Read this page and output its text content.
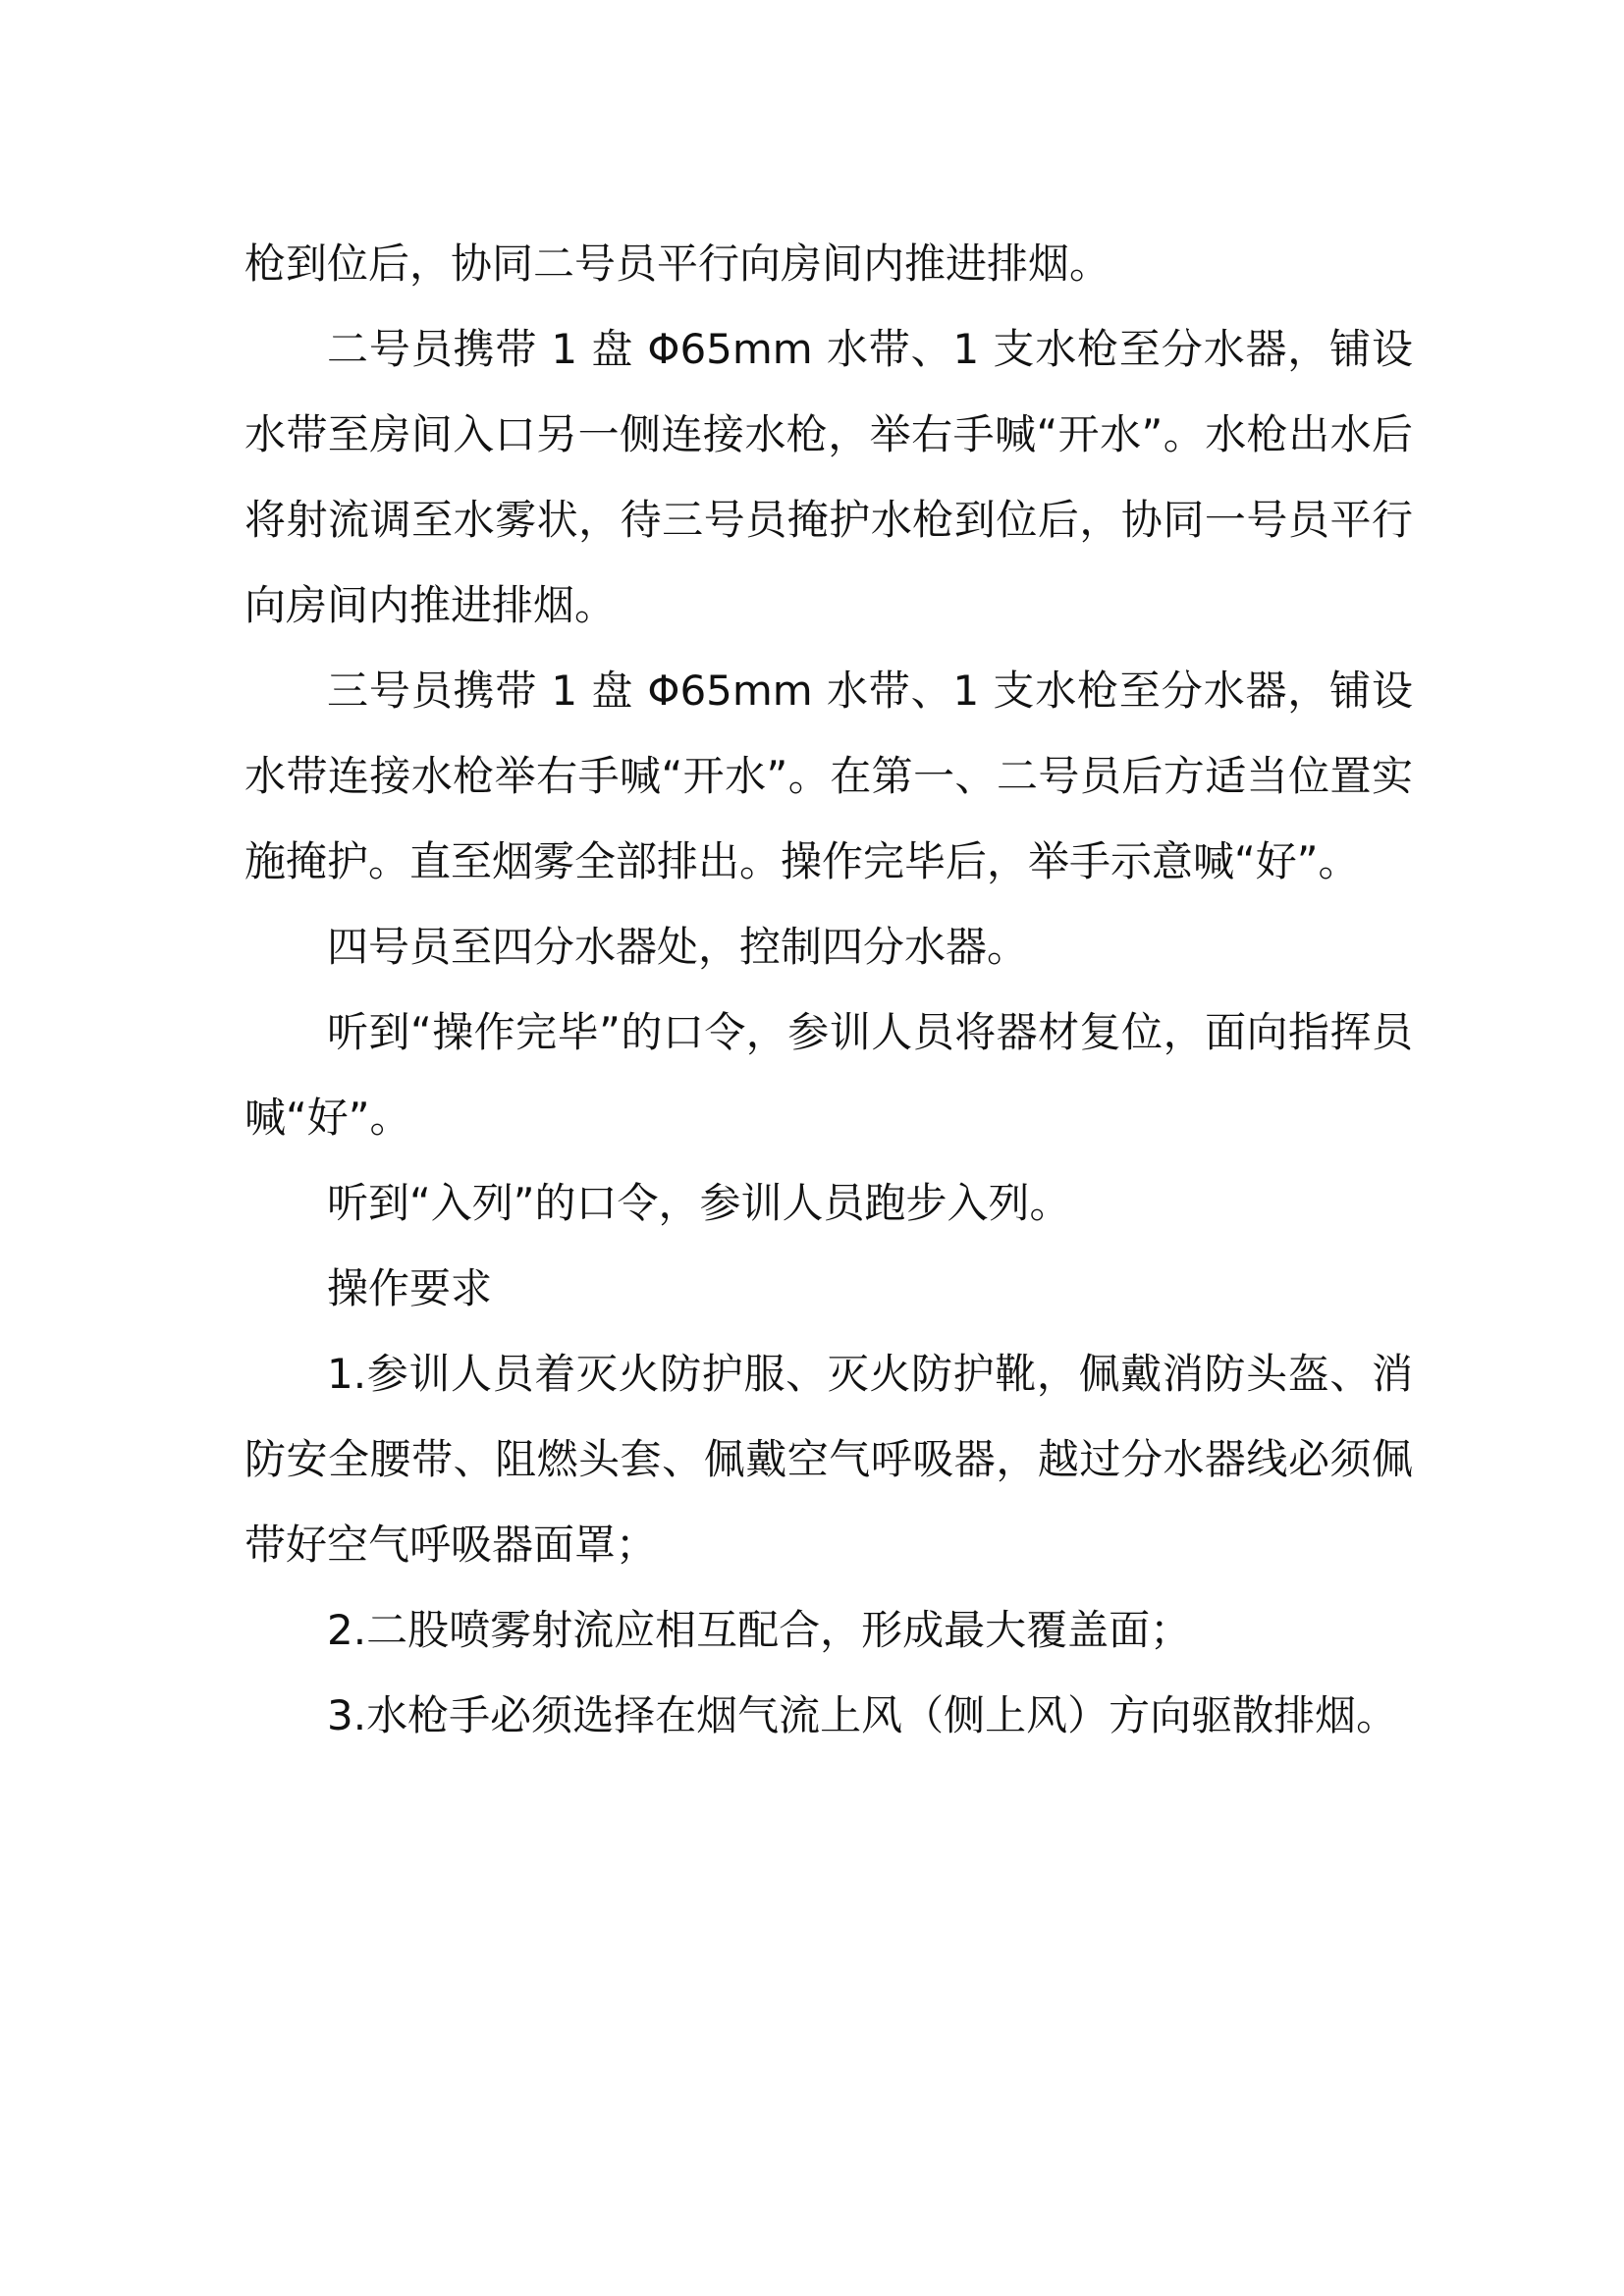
枪到位后，协同二号员平行向房间内推进排烟。

二号员携带 1 盘 Φ65mm 水带、1 支水枪至分水器，铺设水带至房间入口另一侧连接水枪，举右手喊“开水”。水枪出水后将射流调至水雾状，待三号员掩护水枪到位后，协同一号员平行向房间内推进排烟。

三号员携带 1 盘 Φ65mm 水带、1 支水枪至分水器，铺设水带连接水枪举右手喊“开水”。在第一、二号员后方适当位置实施掩护。直至烟雾全部排出。操作完毕后，举手示意喊“好”。

四号员至四分水器处，控制四分水器。

听到“操作完毕”的口令，参训人员将器材复位，面向指挥员喊“好”。

听到“入列”的口令，参训人员跑步入列。

操作要求

1.参训人员着灭火防护服、灭火防护靴，佩戴消防头盔、消防安全腰带、阻燃头套、佩戴空气呼吸器，越过分水器线必须佩带好空气呼吸器面罩；

2.二股喷雾射流应相互配合，形成最大覆盖面；

3.水枪手必须选择在烟气流上风（侧上风）方向驱散排烟。
